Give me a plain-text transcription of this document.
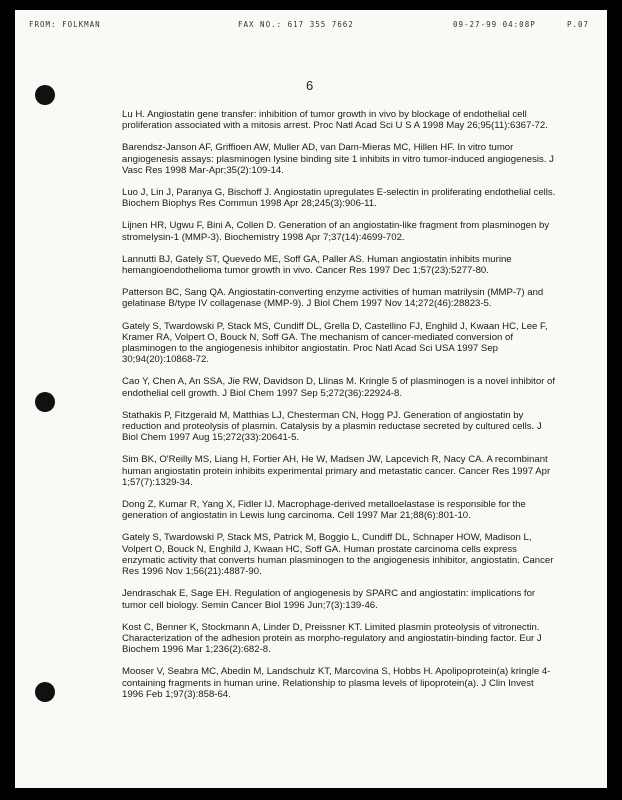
FROM: FOLKMAN	FAX NO.: 617 355 7662	09-27-99 04:08P	P.07
6

Lu H. Angiostatin gene transfer: inhibition of tumor growth in vivo by blockage of endothelial cell proliferation associated with a mitosis arrest. Proc Natl Acad Sci U S A 1998 May 26;95(11):6367-72.

Barendsz-Janson AF, Griffioen AW, Muller AD, van Dam-Mieras MC, Hillen HF. In vitro tumor angiogenesis assays: plasminogen lysine binding site 1 inhibits in vitro tumor-induced angiogenesis. J Vasc Res 1998 Mar-Apr;35(2):109-14.

Luo J, Lin J, Paranya G, Bischoff J. Angiostatin upregulates E-selectin in proliferating endothelial cells. Biochem Biophys Res Commun 1998 Apr 28;245(3):906-11.

Lijnen HR, Ugwu F, Bini A, Collen D. Generation of an angiostatin-like fragment from plasminogen by stromelysin-1 (MMP-3). Biochemistry 1998 Apr 7;37(14):4699-702.

Lannutti BJ, Gately ST, Quevedo ME, Soff GA, Paller AS. Human angiostatin inhibits murine hemangioendothelioma tumor growth in vivo. Cancer Res 1997 Dec 1;57(23):5277-80.

Patterson BC, Sang QA. Angiostatin-converting enzyme activities of human matrilysin (MMP-7) and gelatinase B/type IV collagenase (MMP-9). J Biol Chem 1997 Nov 14;272(46):28823-5.

Gately S, Twardowski P, Stack MS, Cundiff DL, Grella D, Castellino FJ, Enghild J, Kwaan HC, Lee F, Kramer RA, Volpert O, Bouck N, Soff GA. The mechanism of cancer-mediated conversion of plasminogen to the angiogenesis inhibitor angiostatin. Proc Natl Acad Sci USA 1997 Sep 30;94(20):10868-72.

Cao Y, Chen A, An SSA, Jie RW, Davidson D, Llinas M. Kringle 5 of plasminogen is a novel inhibitor of endothelial cell growth. J Biol Chem 1997 Sep 5;272(36):22924-8.

Stathakis P, Fitzgerald M, Matthias LJ, Chesterman CN, Hogg PJ. Generation of angiostatin by reduction and proteolysis of plasmin. Catalysis by a plasmin reductase secreted by cultured cells. J Biol Chem 1997 Aug 15;272(33):20641-5.

Sim BK, O'Reilly MS, Liang H, Fortier AH, He W, Madsen JW, Lapcevich R, Nacy CA. A recombinant human angiostatin protein inhibits experimental primary and metastatic cancer. Cancer Res 1997 Apr 1;57(7):1329-34.

Dong Z, Kumar R, Yang X, Fidler IJ. Macrophage-derived metalloelastase is responsible for the generation of angiostatin in Lewis lung carcinoma. Cell 1997 Mar 21;88(6):801-10.

Gately S, Twardowski P, Stack MS, Patrick M, Boggio L, Cundiff DL, Schnaper HOW, Madison L, Volpert O, Bouck N, Enghild J, Kwaan HC, Soff GA. Human prostate carcinoma cells express enzymatic activity that converts human plasminogen to the angiogenesis inhibitor, angiostatin. Cancer Res 1996 Nov 1;56(21):4887-90.

Jendraschak E, Sage EH. Regulation of angiogenesis by SPARC and angiostatin: implications for tumor cell biology. Semin Cancer Biol 1996 Jun;7(3):139-46.

Kost C, Benner K, Stockmann A, Linder D, Preissner KT. Limited plasmin proteolysis of vitronectin. Characterization of the adhesion protein as morpho-regulatory and angiostatin-binding factor. Eur J Biochem 1996 Mar 1;236(2):682-8.

Mooser V, Seabra MC, Abedin M, Landschulz KT, Marcovina S, Hobbs H. Apolipoprotein(a) kringle 4-containing fragments in human urine. Relationship to plasma levels of lipoprotein(a). J Clin Invest 1996 Feb 1;97(3):858-64.
